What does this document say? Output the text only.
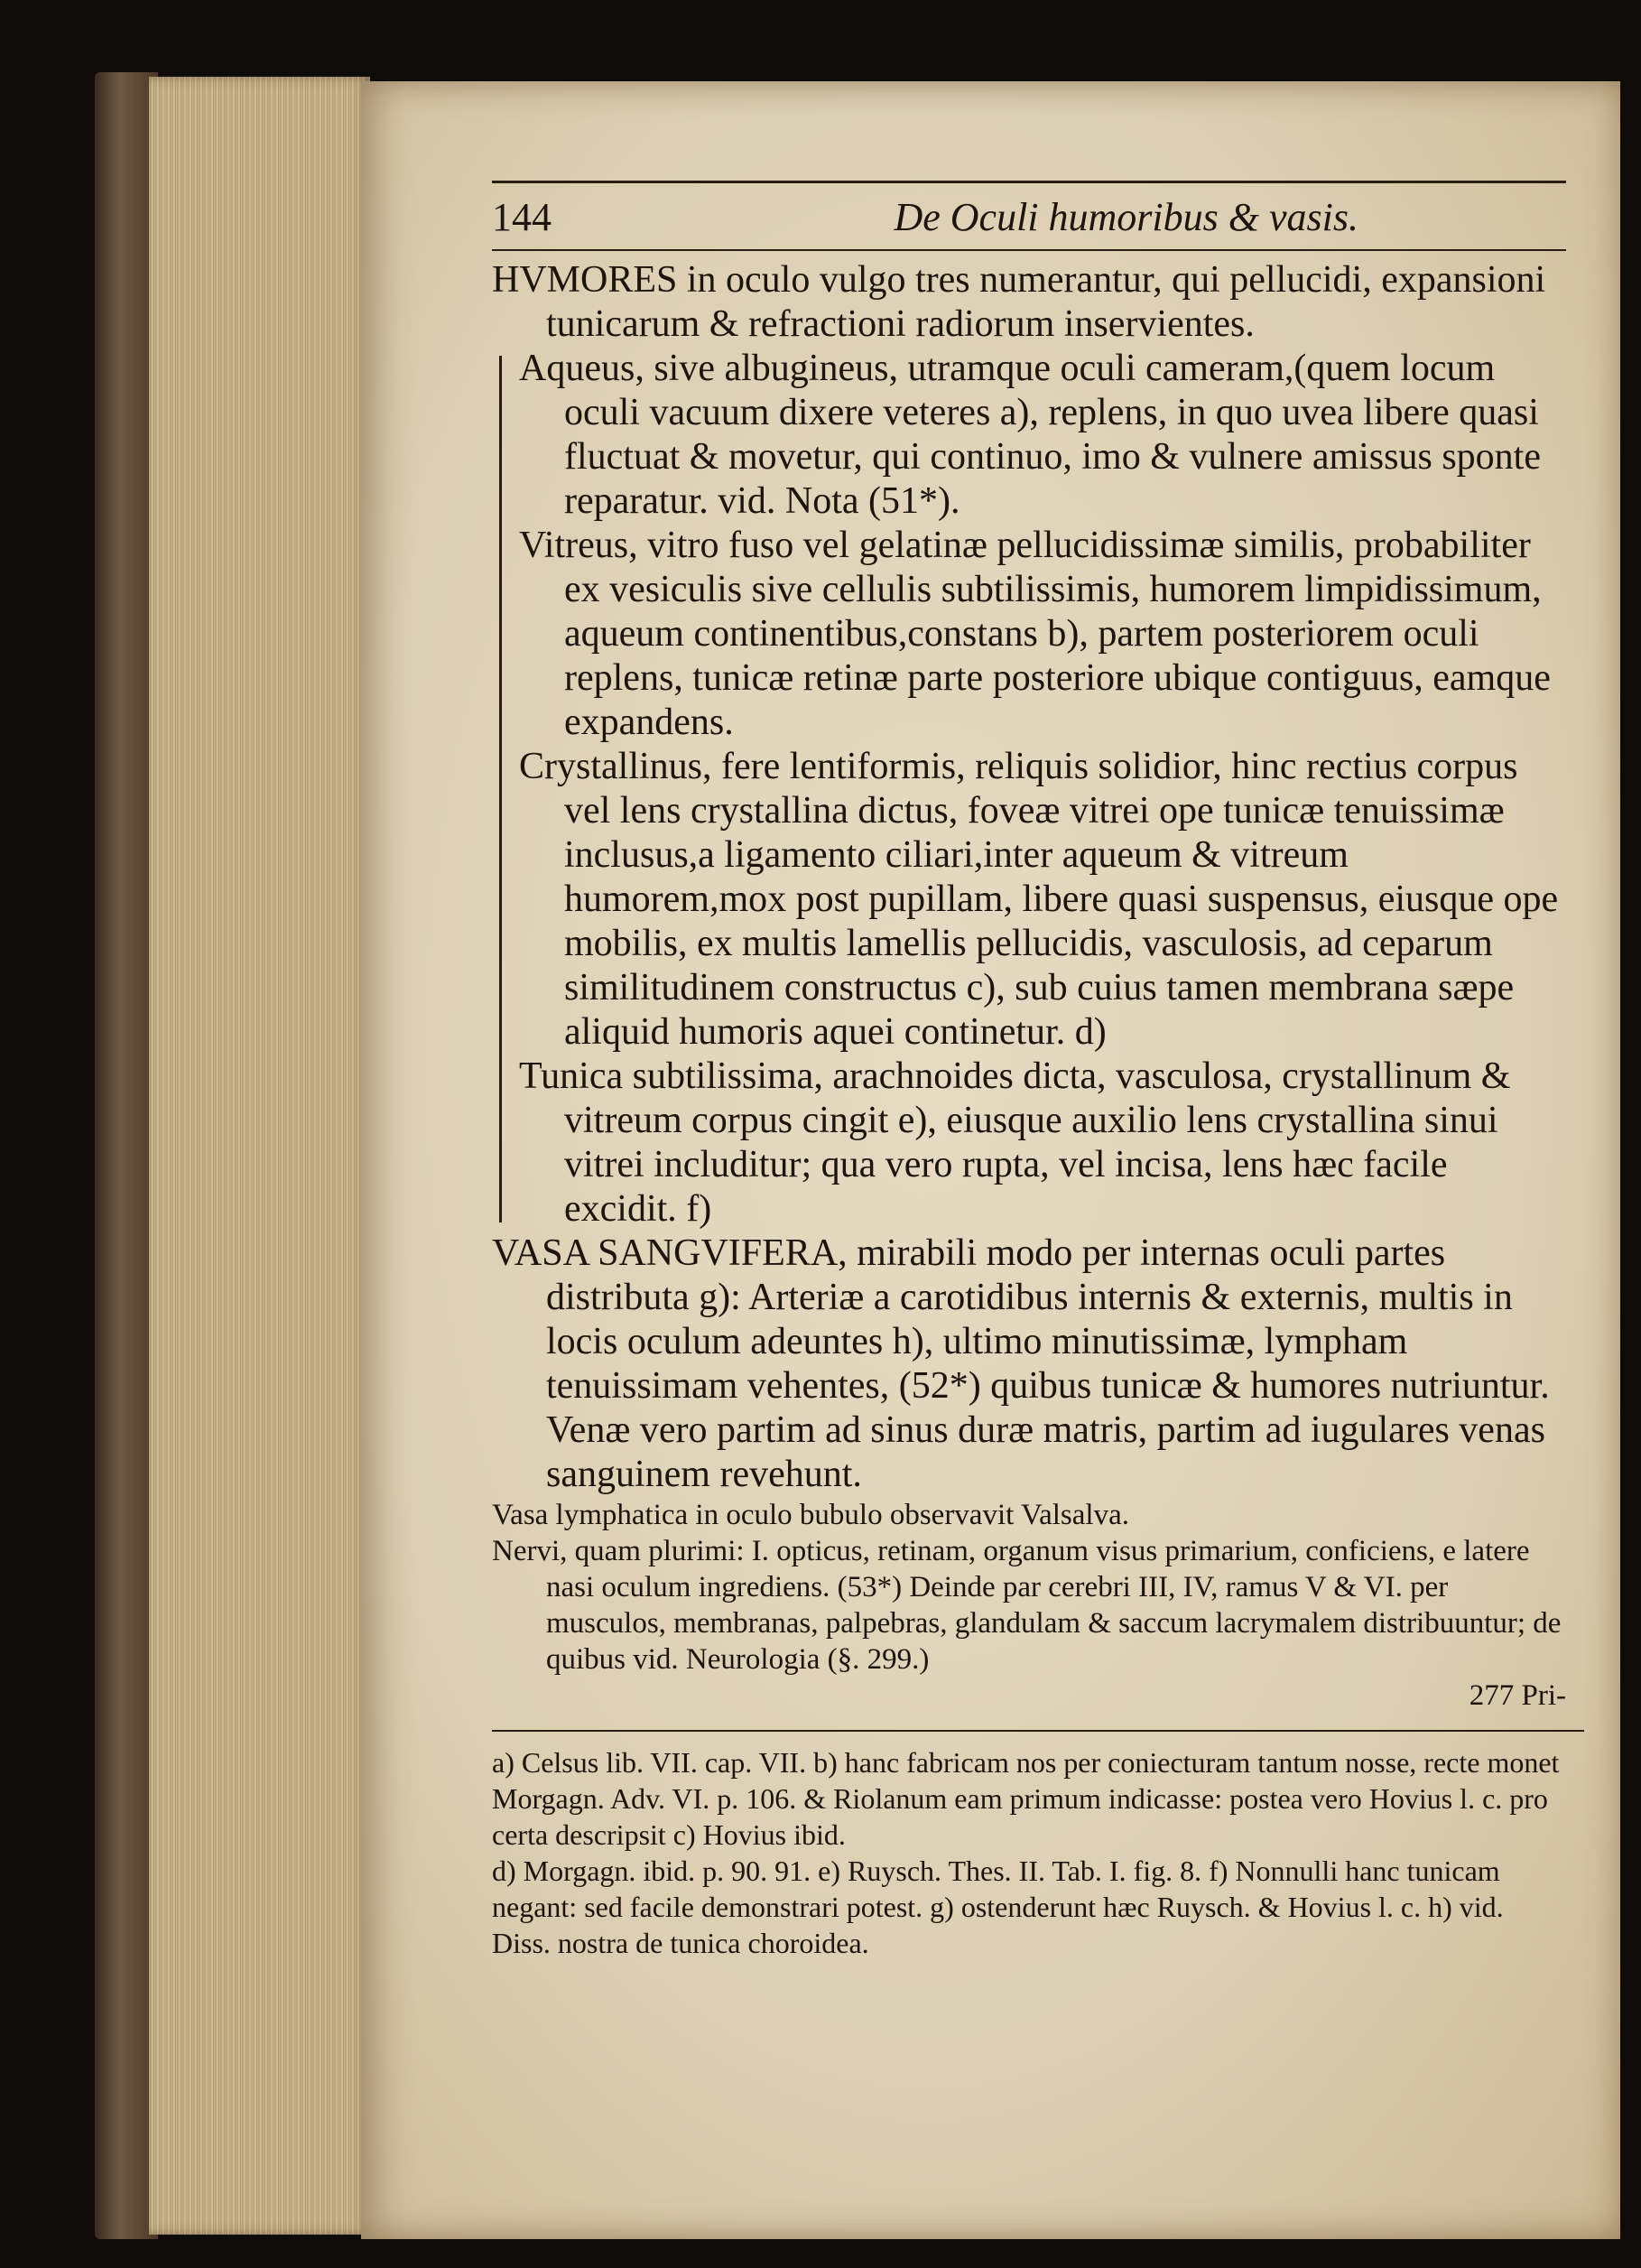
144	De Oculi humoribus & vasis.

HVMORES in oculo vulgo tres numerantur, qui pellucidi, expansioni tunicarum & refractioni radiorum inservientes.

Aqueus, sive albugineus, utramque oculi cameram,(quem locum oculi vacuum dixere veteres a), replens, in quo uvea libere quasi fluctuat & movetur, qui continuo, imo & vulnere amissus sponte reparatur. vid. Nota (51*).

Vitreus, vitro fuso vel gelatinæ pellucidissimæ similis, probabiliter ex vesiculis sive cellulis subtilissimis, humorem limpidissimum, aqueum continentibus,constans b), partem posteriorem oculi replens, tunicæ retinæ parte posteriore ubique contiguus, eamque expandens.

Crystallinus, fere lentiformis, reliquis solidior, hinc rectius corpus vel lens crystallina dictus, foveæ vitrei ope tunicæ tenuissimæ inclusus,a ligamento ciliari,inter aqueum & vitreum humorem,mox post pupillam, libere quasi suspensus, eiusque ope mobilis, ex multis lamellis pellucidis, vasculosis, ad ceparum similitudinem constructus c), sub cuius tamen membrana sæpe aliquid humoris aquei continetur. d)

Tunica subtilissima, arachnoides dicta, vasculosa, crystallinum & vitreum corpus cingit e), eiusque auxilio lens crystallina sinui vitrei includitur; qua vero rupta, vel incisa, lens hæc facile excidit. f)

VASA SANGVIFERA, mirabili modo per internas oculi partes distributa g): Arteriæ a carotidibus internis & externis, multis in locis oculum adeuntes h), ultimo minutissimæ, lympham tenuissimam vehentes, (52*) quibus tunicæ & humores nutriuntur. Venæ vero partim ad sinus duræ matris, partim ad iugulares venas sanguinem revehunt.

Vasa lymphatica in oculo bubulo observavit Valsalva.

Nervi, quam plurimi: I. opticus, retinam, organum visus primarium, conficiens, e latere nasi oculum ingrediens. (53*) Deinde par cerebri III, IV, ramus V & VI. per musculos, membranas, palpebras, glandulam & saccum lacrymalem distribuuntur; de quibus vid. Neurologia (§. 299.)

277 Pri-

a) Celsus lib. VII. cap. VII. b) hanc fabricam nos per coniecturam tantum nosse, recte monet Morgagn. Adv. VI. p. 106. & Riolanum eam primum indicasse: postea vero Hovius l. c. pro certa descripsit c) Hovius ibid.

d) Morgagn. ibid. p. 90. 91. e) Ruysch. Thes. II. Tab. I. fig. 8. f) Nonnulli hanc tunicam negant: sed facile demonstrari potest. g) ostenderunt hæc Ruysch. & Hovius l. c. h) vid. Diss. nostra de tunica choroidea.
